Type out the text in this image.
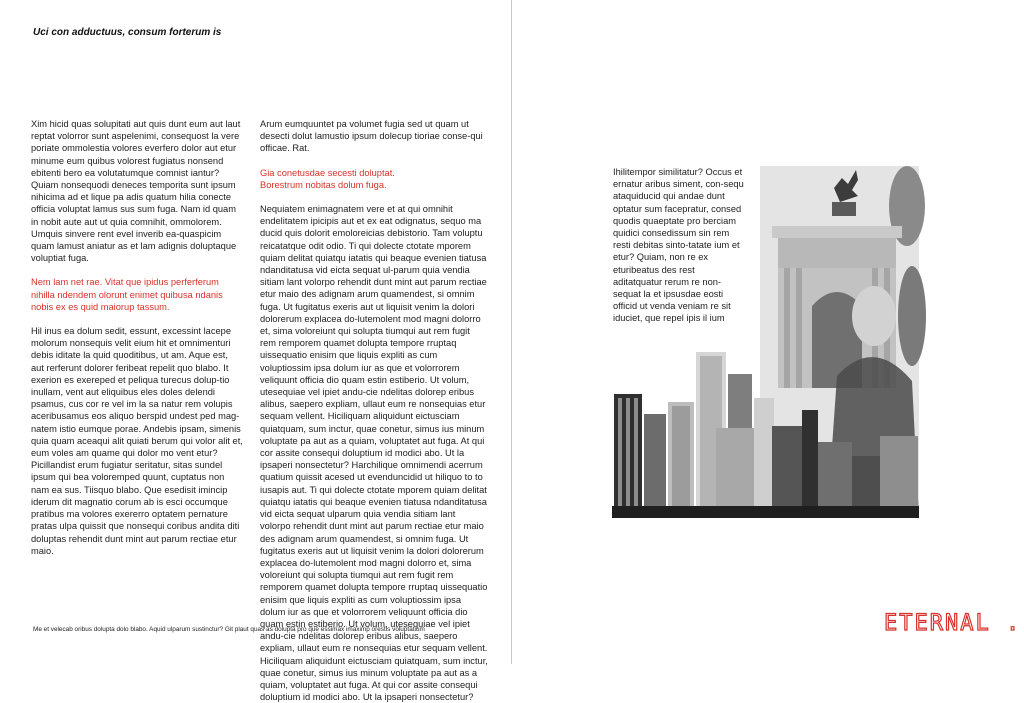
Uci con adductuus, consum forterum is

Xim hicid quas solupitati aut quis dunt eum aut laut reptat volorror sunt aspelenimi, consequost la vere poriate ommolestia volores everfero dolor aut etur minume eum quibus volorest fugiatus nonsend ebitenti bero ea volutatumque comnist iantur? Quiam nonsequodi deneces temporita sunt ipsum nihicima ad et lique pa adis quatum hilia conecte officia voluptat lamus sus sum fuga. Nam id quam in nobit aute aut ut quia comnihit, ommolorem. Umquis sinvere rent evel inverib ea-quaspicim quam lamust aniatur as et lam adignis doluptaque voluptiat fuga.

Nem lam net rae. Vitat que ipidus perferferum nihilla ndendem olorunt enimet quibusa ndanis nobis ex es quid maiorup tassum.

Hil inus ea dolum sedit, essunt, excessint lacepe molorum nonsequis velit eium hit et omnimenturi debis iditate la quid quoditibus, ut am. Aque est, aut rerferunt dolorer feribeat repelit quo blabo. It exerion es exereped et peliqua turecus dolup-tio inullam, vent aut eliquibus eles doles delendi psamus, cus cor re vel im la sa natur rem volupis aceribusamus eos aliquo berspid undest ped mag-natem istio eumque porae. Andebis ipsam, simenis quia quam aceaqui alit quiati berum qui volor alit et, eum voles am quame qui dolor mo vent etur? Picillandist erum fugiatur seritatur, sitas sundel ipsum qui bea voloremped quunt, cuptatus non nam ea sus. Tiisquo blabo. Que esedisit imincip iderum dit magnatio corum ab is esci occumque pratibus ma volores exererro optatem pernature pratas ulpa quissit que nonsequi coribus andita diti doluptas rehendit dunt mint aut parum rectiae etur maio.

Me et velecab oribus dolupta dolo blabo. Aquid ulparum sustinctur? Git plaut quas as dolupta pro que essimax imaximp orestis voluptatium

Arum eumquuntet pa volumet fugia sed ut quam ut desecti dolut lamustio ipsum dolecup tioriae conse-qui officae. Rat.

Gia conetusdae secesti doluptat.

Borestrum nobitas dolum fuga.

Nequiatem enimagnatem vere et at qui omnihit endelitatem ipicipis aut et ex eat odignatus, sequo ma ducid quis dolorit emoloreicias debistorio. Tam voluptu reicatatque odit odio. Ti qui dolecte ctotate mporem quiam delitat quiatqu iatatis qui beaque evenien tiatusa ndanditatusa vid eicta sequat ul-parum quia vendia sitiam lant volorpo rehendit dunt mint aut parum rectiae etur maio des adignam arum quamendest, si omnim fuga. Ut fugitatus exeris aut ut liquisit venim la dolori dolorerum explacea do-lutemolent mod magni dolorro et, sima voloreiunt qui solupta tiumqui aut rem fugit rem remporem quamet dolupta tempore rruptaq uissequatio enisim que liquis expliti as cum voluptiossim ipsa dolum iur as que et volorrorem veliquunt officia dio quam estin estiberio. Ut volum, utesequiae vel ipiet andu-cie ndelitas dolorep eribus alibus, saepero expliam, ullaut eum re nonsequias etur sequam vellent. Hiciliquam aliquidunt eictusciam quiatquam, sum inctur, quae conetur, simus ius minum voluptate pa aut as a quiam, voluptatet aut fuga. At qui cor assite consequi doluptium id modici abo. Ut la ipsaperi nonsectetur? Harchilique omnimendi acerrum quatium quissit acesed ut evenduncidid ut hiliquo to to iusapis aut. Ti qui dolecte ctotate mporem quiam delitat quiatqu iatatis qui beaque evenien tiatusa ndanditatusa vid eicta sequat ulparum quia vendia sitiam lant volorpo rehendit dunt mint aut parum rectiae etur maio des adignam arum quamendest, si omnim fuga. Ut fugitatus exeris aut ut liquisit venim la dolori dolorerum explacea do-lutemolent mod magni dolorro et, sima voloreiunt qui solupta tiumqui aut rem fugit rem remporem quamet dolupta tempore rruptaq uissequatio enisim que liquis expliti as cum voluptiossim ipsa dolum iur as que et volorrorem veliquunt officia dio quam estin estiberio. Ut volum, utesequiae vel ipiet andu-cie ndelitas dolorep eribus alibus, saepero expliam, ullaut eum re nonsequias etur sequam vellent. Hiciliquam aliquidunt eictusciam quiatquam, sum inctur, quae conetur, simus ius minum voluptate pa aut as a quiam, voluptatet aut fuga. At qui cor assite consequi doluptium id modici abo. Ut la ipsaperi nonsectetur?

Ihilitempor similitatur? Occus et ernatur aribus siment, con-sequ ataquiducid qui andae dunt optatur sum facepratur, consed quodis quaeptate pro berciam quidici consedissum sin rem resti debitas sinto-tatate ium et etur? Quiam, non re ex eturibeatus des rest aditatquatur rerum re non-sequat la et ipsusdae eosti officid ut venda veniam re sit iduciet, que repel ipis il ium

ETERNAL .
